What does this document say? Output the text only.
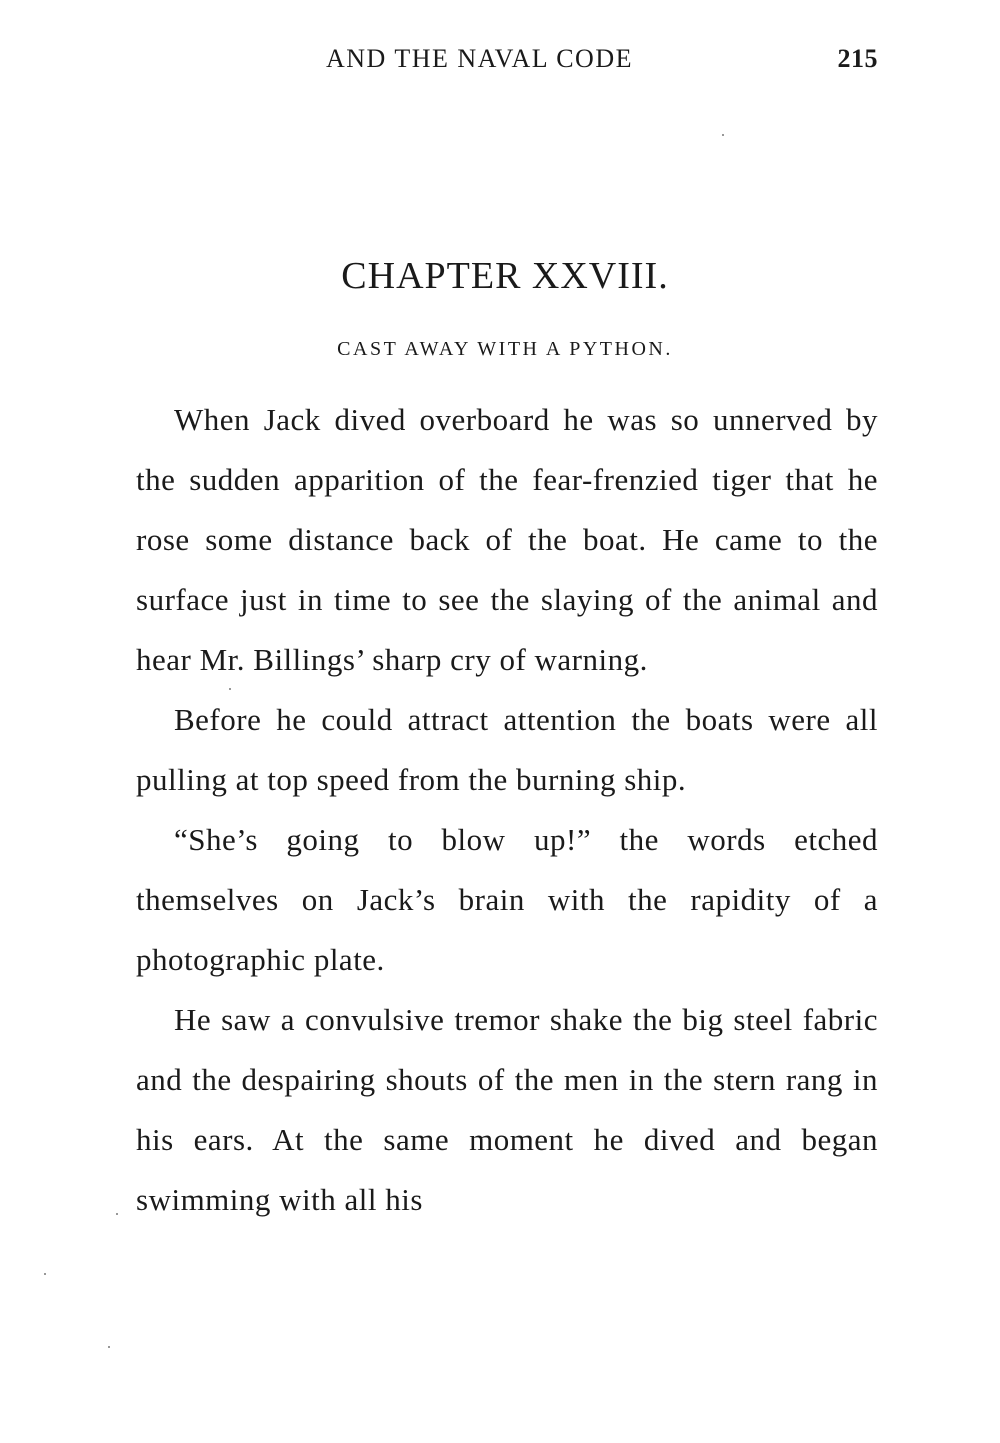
AND THE NAVAL CODE	215
CHAPTER XXVIII.
CAST AWAY WITH A PYTHON.

When Jack dived overboard he was so unnerved by the sudden apparition of the fear-frenzied tiger that he rose some distance back of the boat. He came to the surface just in time to see the slaying of the animal and hear Mr. Billings’ sharp cry of warning.

Before he could attract attention the boats were all pulling at top speed from the burning ship.

“She’s going to blow up!” the words etched themselves on Jack’s brain with the rapidity of a photographic plate.

He saw a convulsive tremor shake the big steel fabric and the despairing shouts of the men in the stern rang in his ears. At the same moment he dived and began swimming with all his
